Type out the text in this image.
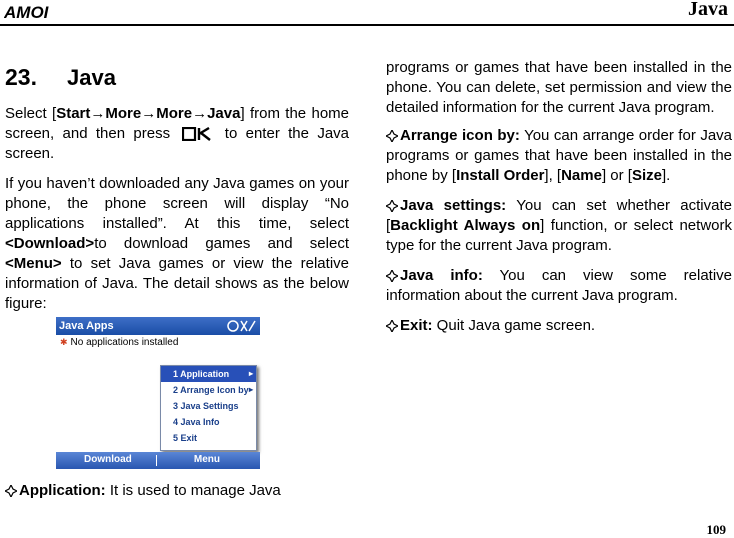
AMOI	Java
23. Java

Select [Start→More→More→Java] from the home screen, and then press	to enter the Java screen.

If you haven’t downloaded any Java games on your phone, the phone screen will display “No applications installed”. At this time, select <Download>to download games and select <Menu> to set Java games or view the relative information of Java. The detail shows as the below figure:

Java Apps
✱ No applications installed
1 Application ▸
2 Arrange Icon by ▸
3 Java Settings
4 Java Info
5 Exit
Download	Menu

Application: It is used to manage Java

programs or games that have been installed in the phone. You can delete, set permission and view the detailed information for the current Java program.

Arrange icon by: You can arrange order for Java programs or games that have been installed in the phone by [Install Order], [Name] or [Size].

Java settings: You can set whether activate [Backlight Always on] function, or select network type for the current Java program.

Java info: You can view some relative information about the current Java program.

Exit: Quit Java game screen.

109
